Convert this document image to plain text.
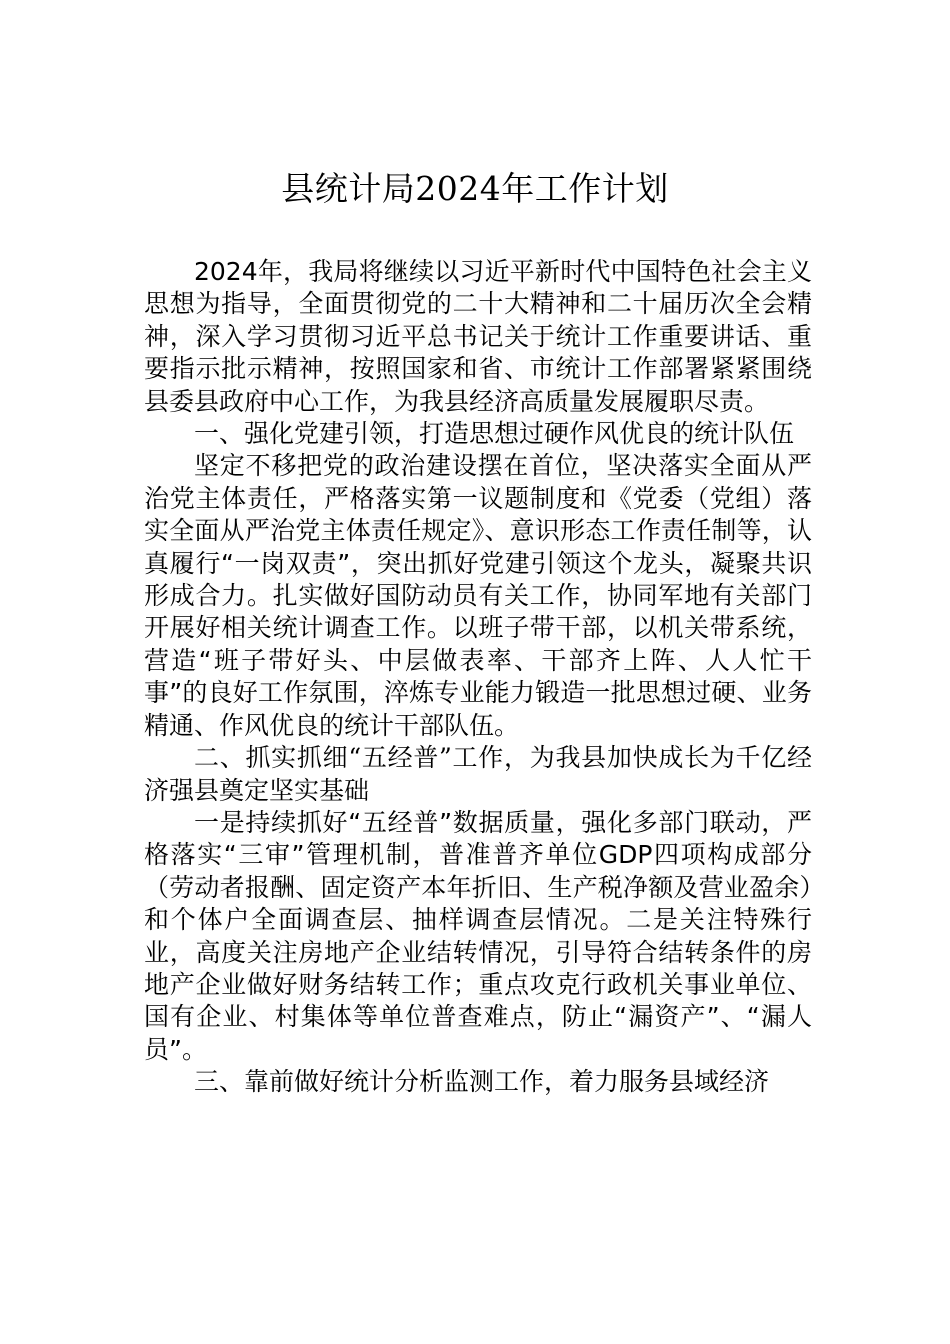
县统计局2024年工作计划

2024年，我局将继续以习近平新时代中国特色社会主义思想为指导，全面贯彻党的二十大精神和二十届历次全会精神，深入学习贯彻习近平总书记关于统计工作重要讲话、重要指示批示精神，按照国家和省、市统计工作部署紧紧围绕县委县政府中心工作，为我县经济高质量发展履职尽责。

一、强化党建引领，打造思想过硬作风优良的统计队伍

坚定不移把党的政治建设摆在首位，坚决落实全面从严治党主体责任，严格落实第一议题制度和《党委（党组）落实全面从严治党主体责任规定》、意识形态工作责任制等，认真履行“一岗双责”，突出抓好党建引领这个龙头，凝聚共识形成合力。扎实做好国防动员有关工作，协同军地有关部门开展好相关统计调查工作。以班子带干部，以机关带系统，营造“班子带好头、中层做表率、干部齐上阵、人人忙干事”的良好工作氛围，淬炼专业能力锻造一批思想过硬、业务精通、作风优良的统计干部队伍。

二、抓实抓细“五经普”工作，为我县加快成长为千亿经济强县奠定坚实基础

一是持续抓好“五经普”数据质量，强化多部门联动，严格落实“三审”管理机制，普准普齐单位GDP四项构成部分（劳动者报酬、固定资产本年折旧、生产税净额及营业盈余）和个体户全面调查层、抽样调查层情况。二是关注特殊行业，高度关注房地产企业结转情况，引导符合结转条件的房地产企业做好财务结转工作；重点攻克行政机关事业单位、国有企业、村集体等单位普查难点，防止“漏资产”、“漏人员”。

三、靠前做好统计分析监测工作，着力服务县域经济
